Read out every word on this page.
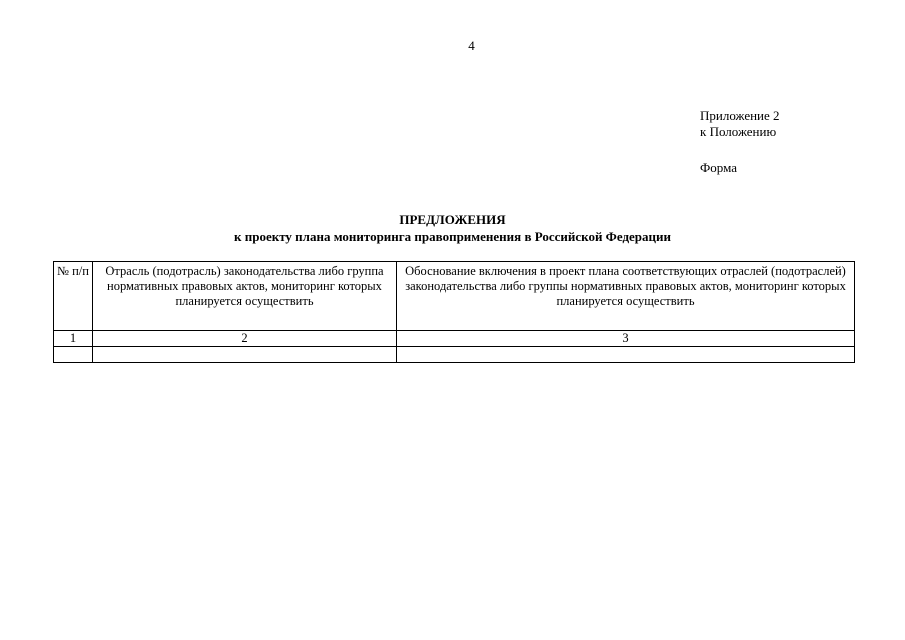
4
Приложение 2
к Положению
Форма
ПРЕДЛОЖЕНИЯ
к проекту плана мониторинга правоприменения в Российской Федерации
№ п/п	Отрасль (подотрасль) законодательства либо группа нормативных правовых актов, мониторинг которых планируется осуществить	Обоснование включения в проект плана соответствующих отраслей (подотраслей) законодательства либо группы нормативных правовых актов, мониторинг которых планируется осуществить
1	2	3
